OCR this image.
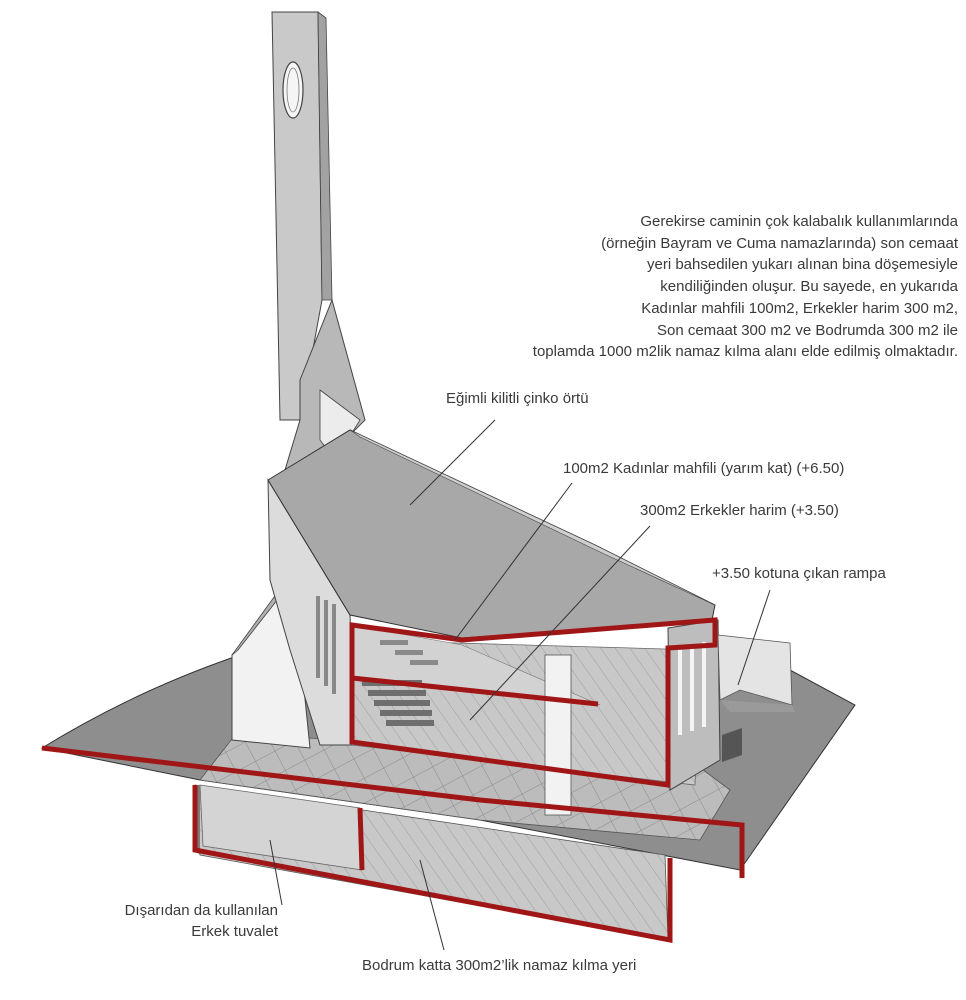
Gerekirse caminin çok kalabalık kullanımlarında
(örneğin Bayram ve Cuma namazlarında) son cemaat
yeri bahsedilen yukarı alınan bina döşemesiyle
kendiliğinden oluşur. Bu sayede, en yukarıda
Kadınlar mahfili 100m2, Erkekler harim 300 m2,
Son cemaat 300 m2 ve Bodrumda 300 m2 ile
toplamda 1000 m2lik namaz kılma alanı elde edilmiş olmaktadır.
Eğimli kilitli çinko örtü
100m2 Kadınlar mahfili (yarım kat) (+6.50)
300m2 Erkekler harim (+3.50)
+3.50 kotuna çıkan rampa
Dışarıdan da kullanılan
Erkek tuvalet
Bodrum katta 300m2’lik namaz kılma yeri
